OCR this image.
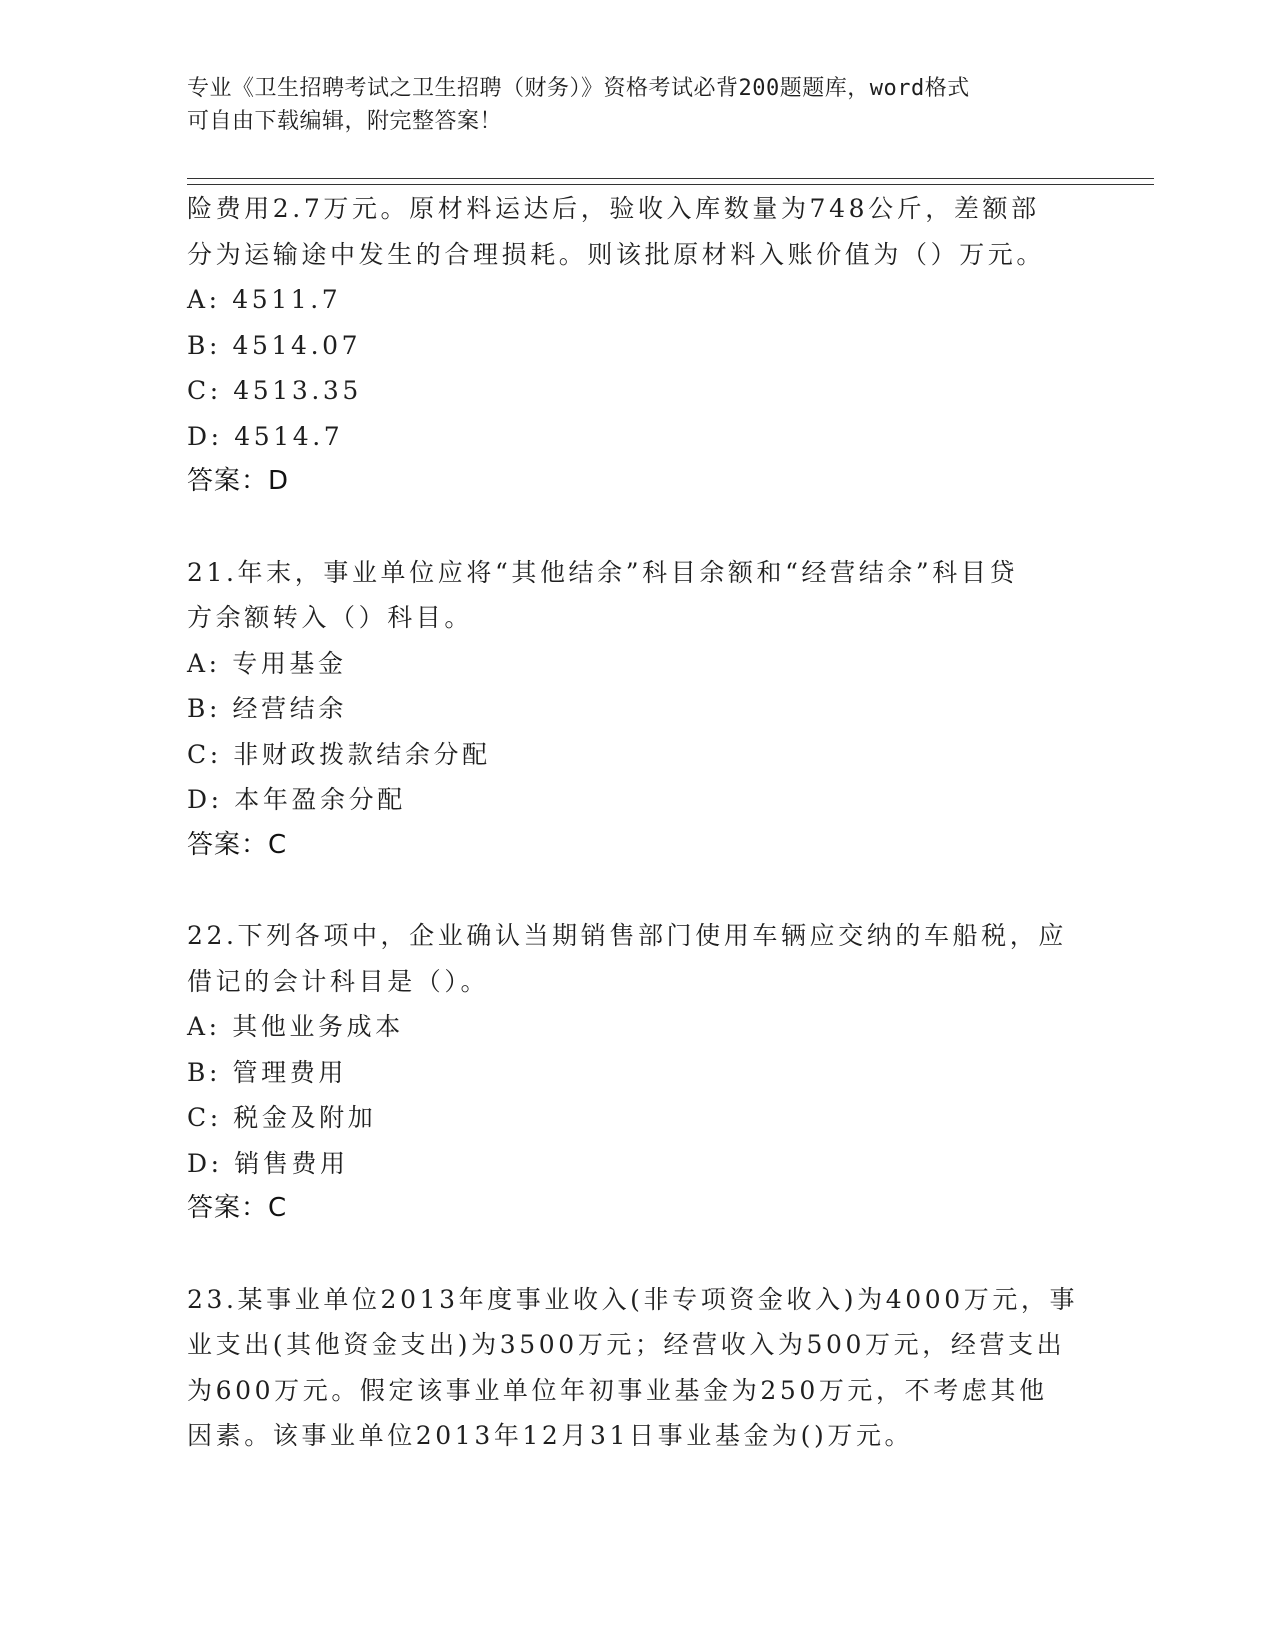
专业《卫生招聘考试之卫生招聘（财务）》资格考试必背200题题库，word格式
可自由下载编辑，附完整答案！
险费用2.7万元。原材料运达后，验收入库数量为748公斤，差额部
分为运输途中发生的合理损耗。则该批原材料入账价值为（）万元。
A: 4511.7
B: 4514.07
C: 4513.35
D: 4514.7
答案：D
21.年末，事业单位应将“其他结余”科目余额和“经营结余”科目贷
方余额转入（）科目。
A: 专用基金
B: 经营结余
C: 非财政拨款结余分配
D: 本年盈余分配
答案：C
22.下列各项中，企业确认当期销售部门使用车辆应交纳的车船税，应
借记的会计科目是（）。
A: 其他业务成本
B: 管理费用
C: 税金及附加
D: 销售费用
答案：C
23.某事业单位2013年度事业收入(非专项资金收入)为4000万元，事
业支出(其他资金支出)为3500万元；经营收入为500万元，经营支出
为600万元。假定该事业单位年初事业基金为250万元，不考虑其他
因素。该事业单位2013年12月31日事业基金为()万元。
